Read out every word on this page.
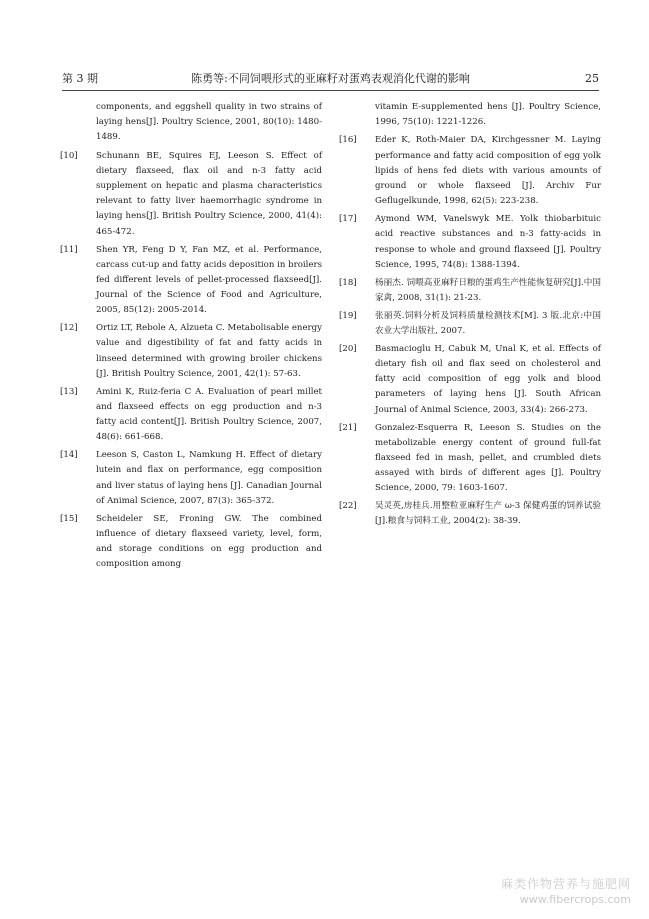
第 3 期	陈勇等:不同饲喂形式的亚麻籽对蛋鸡表观消化代谢的影响	25
components, and eggshell quality in two strains of laying hens[J]. Poultry Science, 2001, 80(10): 1480-1489.
[10] Schunann BE, Squires EJ, Leeson S. Effect of dietary flaxseed, flax oil and n-3 fatty acid supplement on hepatic and plasma characteristics relevant to fatty liver haemorrhagic syndrome in laying hens[J]. British Poultry Science, 2000, 41(4): 465-472.
[11] Shen YR, Feng D Y, Fan MZ, et al. Performance, carcass cut-up and fatty acids deposition in broilers fed different levels of pellet-processed flaxseed[J]. Journal of the Science of Food and Agriculture, 2005, 85(12): 2005-2014.
[12] Ortiz LT, Rebole A, Alzueta C. Metabolisable energy value and digestibility of fat and fatty acids in linseed determined with growing broiler chickens [J]. British Poultry Science, 2001, 42(1): 57-63.
[13] Amini K, Ruiz-feria C A. Evaluation of pearl millet and flaxseed effects on egg production and n-3 fatty acid content[J]. British Poultry Science, 2007, 48(6): 661-668.
[14] Leeson S, Caston L, Namkung H. Effect of dietary lutein and flax on performance, egg composition and liver status of laying hens [J]. Canadian Journal of Animal Science, 2007, 87(3): 365-372.
[15] Scheideler SE, Froning GW. The combined influence of dietary flaxseed variety, level, form, and storage conditions on egg production and composition among
vitamin E-supplemented hens [J]. Poultry Science, 1996, 75(10): 1221-1226.
[16] Eder K, Roth-Maier DA, Kirchgessner M. Laying performance and fatty acid composition of egg yolk lipids of hens fed diets with various amounts of ground or whole flaxseed [J]. Archiv Fur Geflugelkunde, 1998, 62(5): 223-238.
[17] Aymond WM, Vanelswyk ME. Yolk thiobarbituic acid reactive substances and n-3 fatty-acids in response to whole and ground flaxseed [J]. Poultry Science, 1995, 74(8): 1388-1394.
[18] 杨丽杰. 饲喂高亚麻籽日粮的蛋鸡生产性能恢复研究[J].中国家禽, 2008, 31(1): 21-23.
[19] 张丽英.饲料分析及饲料质量检测技术[M]. 3 版.北京:中国农业大学出版社, 2007.
[20] Basmacioglu H, Cabuk M, Unal K, et al. Effects of dietary fish oil and flax seed on cholesterol and fatty acid composition of egg yolk and blood parameters of laying hens [J]. South African Journal of Animal Science, 2003, 33(4): 266-273.
[21] Gonzalez-Esquerra R, Leeson S. Studies on the metabolizable energy content of ground full-fat flaxseed fed in mash, pellet, and crumbled diets assayed with birds of different ages [J]. Poultry Science, 2000, 79: 1603-1607.
[22] 吴灵英,房桂兵.用整粒亚麻籽生产 ω-3 保健鸡蛋的饲养试验[J].粮食与饲料工业, 2004(2): 38-39.
麻类作物营养与施肥网
www.fibercrops.com
